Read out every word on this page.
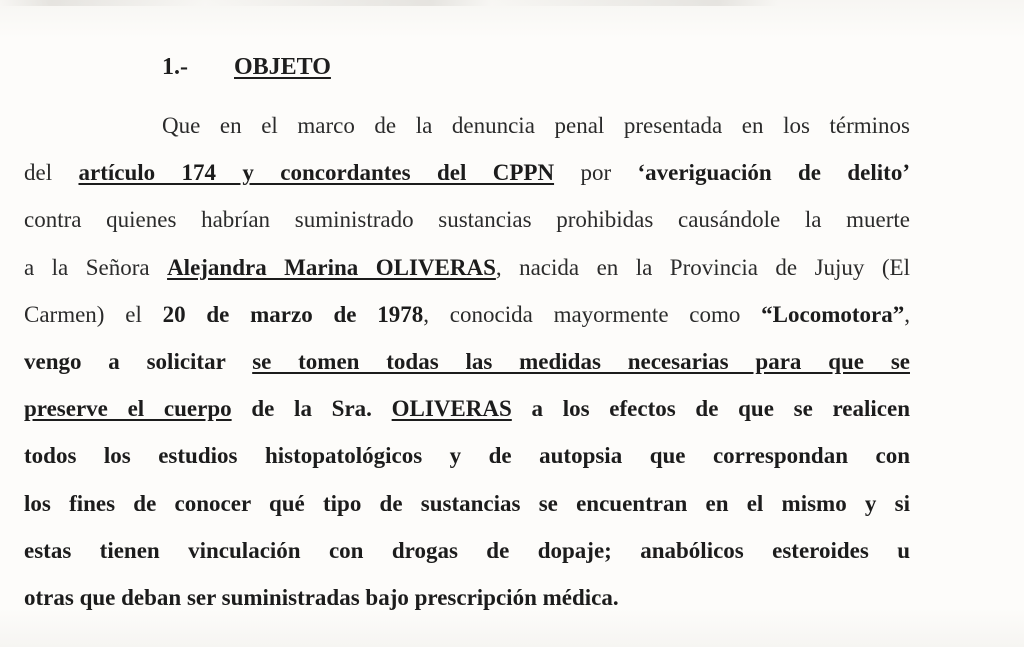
1.- OBJETO
Que en el marco de la denuncia penal presentada en los términos
del artículo 174 y concordantes del CPPN por ‘averiguación de delito’
contra quienes habrían suministrado sustancias prohibidas causándole la muerte
a la Señora Alejandra Marina OLIVERAS, nacida en la Provincia de Jujuy (El
Carmen) el 20 de marzo de 1978, conocida mayormente como “Locomotora”,
vengo a solicitar se tomen todas las medidas necesarias para que se
preserve el cuerpo de la Sra. OLIVERAS a los efectos de que se realicen
todos los estudios histopatológicos y de autopsia que correspondan con
los fines de conocer qué tipo de sustancias se encuentran en el mismo y si
estas tienen vinculación con drogas de dopaje; anabólicos esteroides u
otras que deban ser suministradas bajo prescripción médica.
